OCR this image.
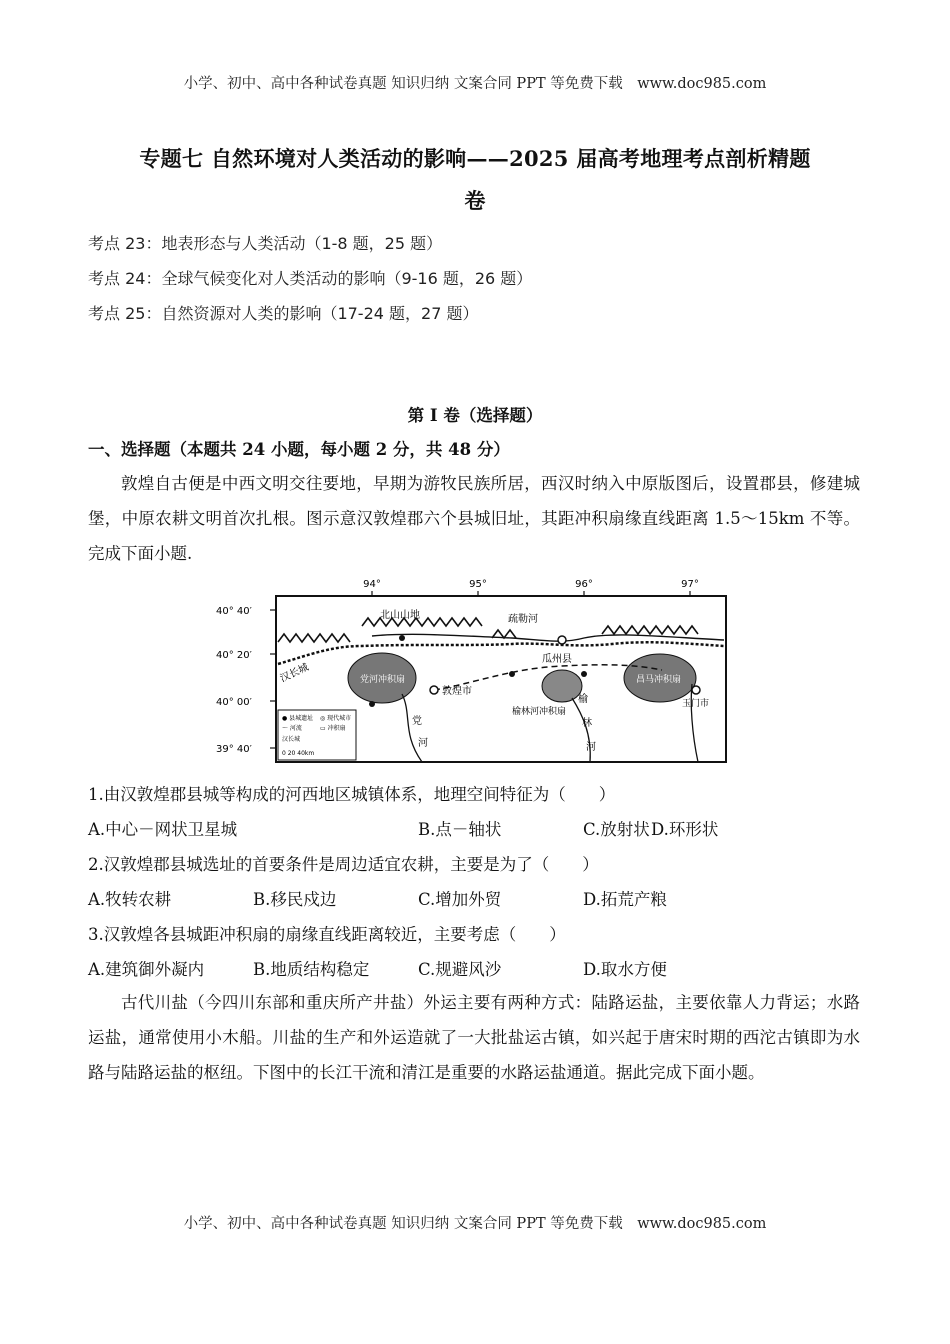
小学、初中、高中各种试卷真题 知识归纳 文案合同 PPT 等免费下载　www.doc985.com
专题七 自然环境对人类活动的影响——2025 届高考地理考点剖析精题
卷
考点 23：地表形态与人类活动（1-8 题，25 题）
考点 24：全球气候变化对人类活动的影响（9-16 题，26 题）
考点 25：自然资源对人类的影响（17-24 题，27 题）
第 I 卷（选择题）
一、选择题（本题共 24 小题，每小题 2 分，共 48 分）
敦煌自古便是中西文明交往要地，早期为游牧民族所居，西汉时纳入中原版图后，设置郡县，修建城堡，中原农耕文明首次扎根。图示意汉敦煌郡六个县城旧址，其距冲积扇缘直线距离 1.5～15km 不等。完成下面小题.
94°	95°	96°	97°
40° 40′
40° 20′
40° 00′
39° 40′
北山山地	疏勒河
瓜州县
汉长城	党河冲积扇
敦煌市
榆林河冲积扇
昌马冲积扇
玉门市
党
河
榆
林
河
● 县城遗址 ◎ 现代城市
～ 河流	▭ 冲积扇
汉长城
0 20 40km
1.由汉敦煌郡县城等构成的河西地区城镇体系，地理空间特征为（　　）
A.中心－网状卫星城	B.点－轴状	C.放射状 D.环形状
2.汉敦煌郡县城选址的首要条件是周边适宜农耕，主要是为了（　　）
A.牧转农耕	B.移民戍边	C.增加外贸	D.拓荒产粮
3.汉敦煌各县城距冲积扇的扇缘直线距离较近，主要考虑（　　）
A.建筑御外凝内	B.地质结构稳定	C.规避风沙	D.取水方便
古代川盐（今四川东部和重庆所产井盐）外运主要有两种方式：陆路运盐，主要依靠人力背运；水路运盐，通常使用小木船。川盐的生产和外运造就了一大批盐运古镇，如兴起于唐宋时期的西沱古镇即为水路与陆路运盐的枢纽。下图中的长江干流和清江是重要的水路运盐通道。据此完成下面小题。
小学、初中、高中各种试卷真题 知识归纳 文案合同 PPT 等免费下载　www.doc985.com
